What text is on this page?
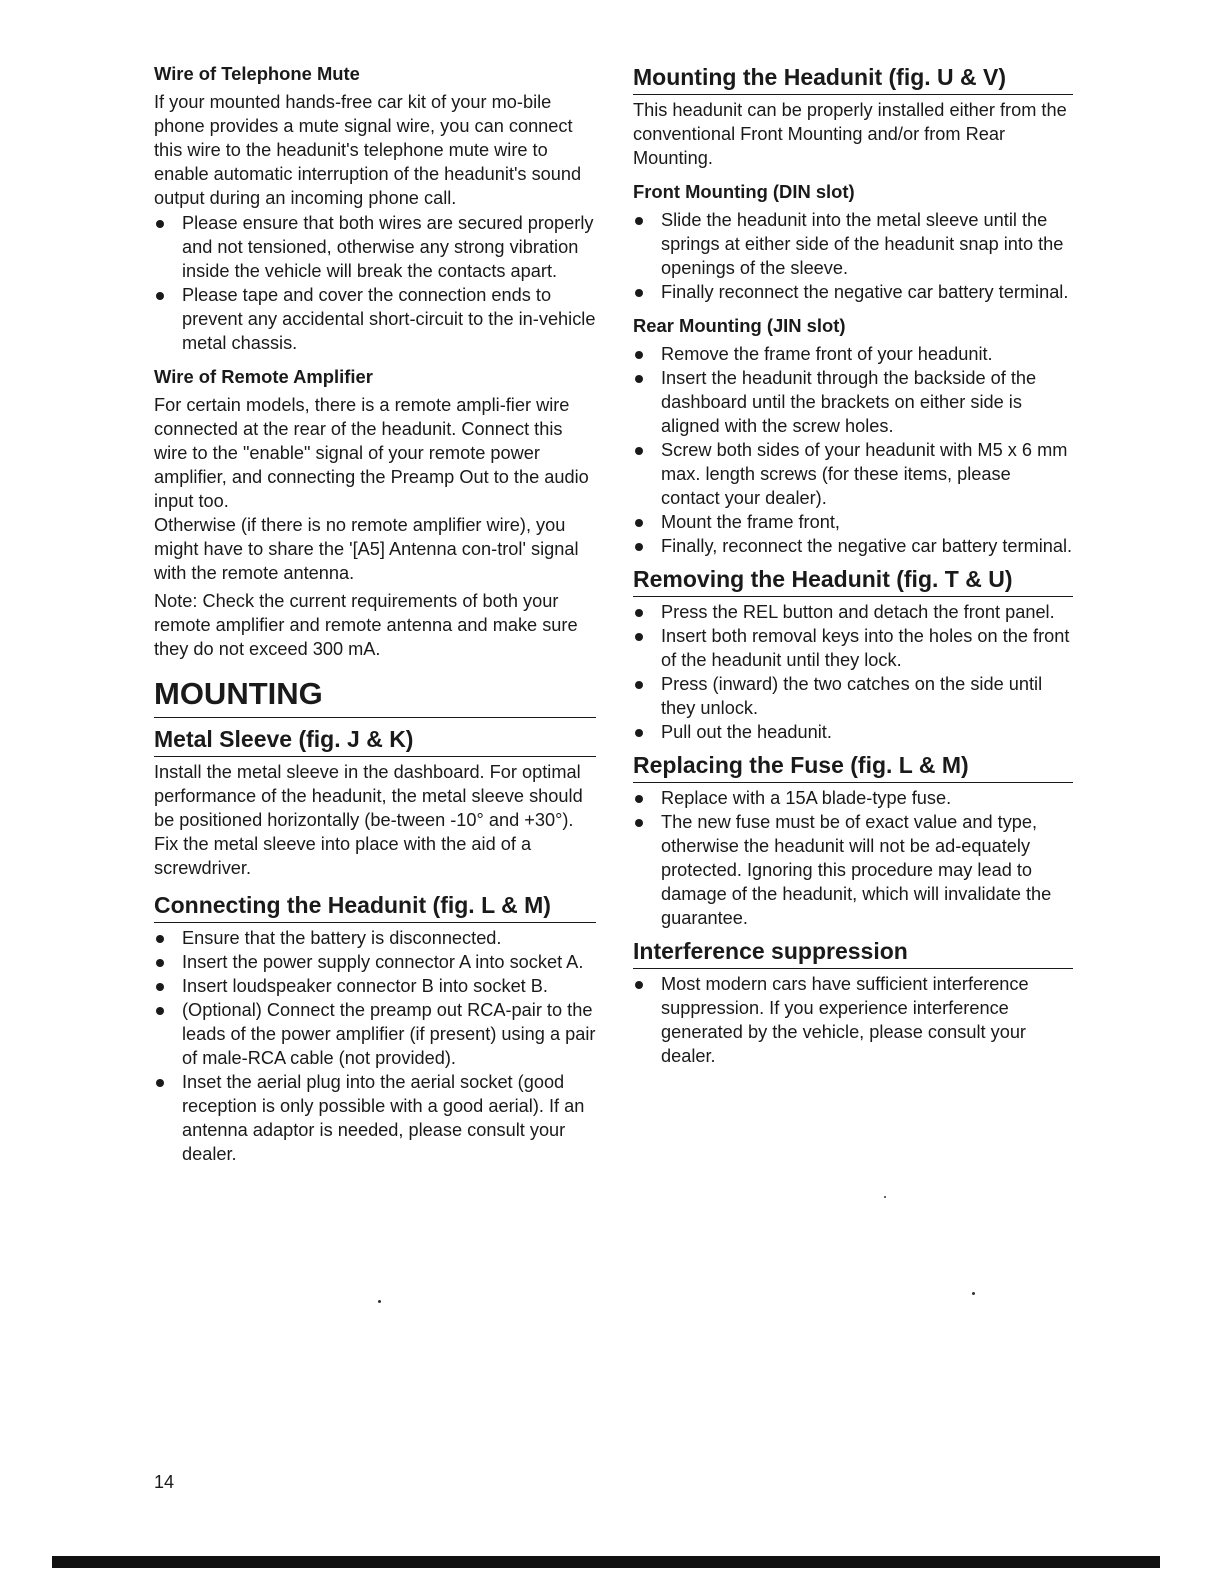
Wire of Telephone Mute

If your mounted hands-free car kit of your mo-bile phone provides a mute signal wire, you can connect this wire to the headunit's telephone mute wire to enable automatic interruption of the headunit's sound output during an incoming phone call.

Please ensure that both wires are secured properly and not tensioned, otherwise any strong vibration inside the vehicle will break the contacts apart.
Please tape and cover the connection ends to prevent any accidental short-circuit to the in-vehicle metal chassis.
Wire of Remote Amplifier

For certain models, there is a remote ampli-fier wire connected at the rear of the headunit. Connect this wire to the "enable" signal of your remote power amplifier, and connecting the Preamp Out to the audio input too.

Otherwise (if there is no remote amplifier wire), you might have to share the '[A5] Antenna con-trol' signal with the remote antenna.

Note: Check the current requirements of both your remote amplifier and remote antenna and make sure they do not exceed 300 mA.

MOUNTING
Metal Sleeve (fig. J & K)

Install the metal sleeve in the dashboard. For optimal performance of the headunit, the metal sleeve should be positioned horizontally (be-tween -10° and +30°). Fix the metal sleeve into place with the aid of a screwdriver.

Connecting the Headunit (fig. L & M)
Ensure that the battery is disconnected.
Insert the power supply connector A into socket A.
Insert loudspeaker connector B into socket B.
(Optional) Connect the preamp out RCA-pair to the leads of the power amplifier (if present) using a pair of male-RCA cable (not provided).
Inset the aerial plug into the aerial socket (good reception is only possible with a good aerial). If an antenna adaptor is needed, please consult your dealer.
Mounting the Headunit (fig. U & V)

This headunit can be properly installed either from the conventional Front Mounting and/or from Rear Mounting.

Front Mounting (DIN slot)
Slide the headunit into the metal sleeve until the springs at either side of the headunit snap into the openings of the sleeve.
Finally reconnect the negative car battery terminal.
Rear Mounting (JIN slot)
Remove the frame front of your headunit.
Insert the headunit through the backside of the dashboard until the brackets on either side is aligned with the screw holes.
Screw both sides of your headunit with M5 x 6 mm max. length screws (for these items, please contact your dealer).
Mount the frame front,
Finally, reconnect the negative car battery terminal.
Removing the Headunit (fig. T & U)
Press the REL button and detach the front panel.
Insert both removal keys into the holes on the front of the headunit until they lock.
Press (inward) the two catches on the side until they unlock.
Pull out the headunit.
Replacing the Fuse (fig. L & M)
Replace with a 15A blade-type fuse.
The new fuse must be of exact value and type, otherwise the headunit will not be ad-equately protected. Ignoring this procedure may lead to damage of the headunit, which will invalidate the guarantee.
Interference suppression
Most modern cars have sufficient interference suppression. If you experience interference generated by the vehicle, please consult your dealer.
14
